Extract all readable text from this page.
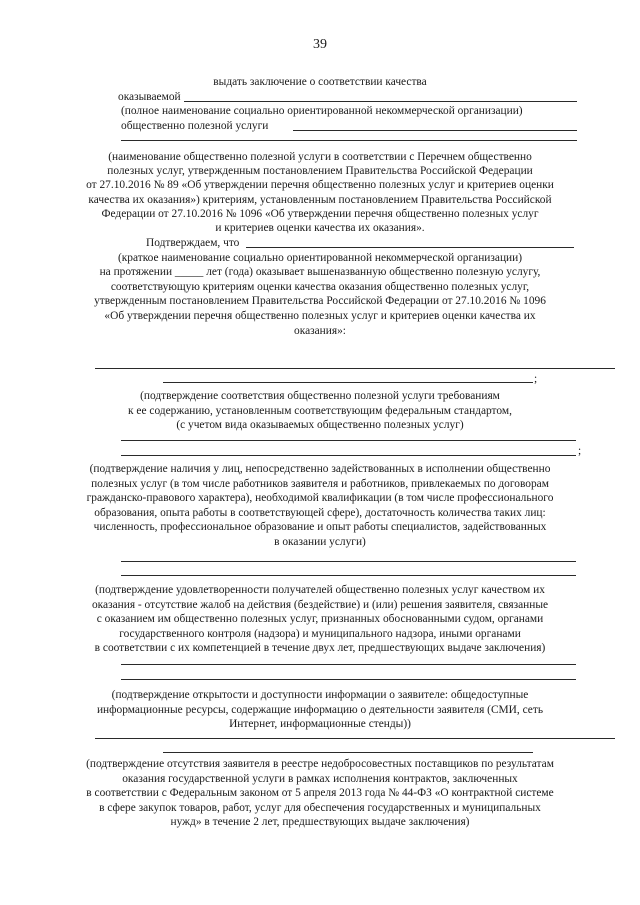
39
выдать заключение о соответствии качества
оказываемой
(полное наименование социально ориентированной некоммерческой организации)
общественно полезной услуги
(наименование общественно полезной услуги в соответствии с Перечнем общественно
полезных услуг, утвержденным постановлением Правительства Российской Федерации
от 27.10.2016 № 89 «Об утверждении перечня общественно полезных услуг и критериев оценки
качества их оказания») критериям, установленным постановлением Правительства Российской
Федерации от 27.10.2016 № 1096 «Об утверждении перечня общественно полезных услуг
и критериев оценки качества их оказания».
Подтверждаем, что
(краткое наименование социально ориентированной некоммерческой организации)
на протяжении _____ лет (года) оказывает вышеназванную общественно полезную услугу,
соответствующую критериям оценки качества оказания общественно полезных услуг,
утвержденным постановлением Правительства Российской Федерации от 27.10.2016 № 1096
«Об утверждении перечня общественно полезных услуг и критериев оценки качества их
оказания»:
;
(подтверждение соответствия общественно полезной услуги требованиям
к ее содержанию, установленным соответствующим федеральным стандартом,
(с учетом вида оказываемых общественно полезных услуг)
;
(подтверждение наличия у лиц, непосредственно задействованных в исполнении общественно
полезных услуг (в том числе работников заявителя и работников, привлекаемых по договорам
гражданско-правового характера), необходимой квалификации (в том числе профессионального
образования, опыта работы в соответствующей сфере), достаточность количества таких лиц:
численность, профессиональное образование и опыт работы специалистов, задействованных
в оказании услуги)
(подтверждение удовлетворенности получателей общественно полезных услуг качеством их
оказания - отсутствие жалоб на действия (бездействие) и (или) решения заявителя, связанные
с оказанием им общественно полезных услуг, признанных обоснованными судом, органами
государственного контроля (надзора) и муниципального надзора, иными органами
в соответствии с их компетенцией в течение двух лет, предшествующих выдаче заключения)
(подтверждение открытости и доступности информации о заявителе: общедоступные
информационные ресурсы, содержащие информацию о деятельности заявителя (СМИ, сеть
Интернет, информационные стенды))
(подтверждение отсутствия заявителя в реестре недобросовестных поставщиков по результатам
оказания государственной услуги в рамках исполнения контрактов, заключенных
в соответствии с Федеральным законом от 5 апреля 2013 года № 44-ФЗ «О контрактной системе
в сфере закупок товаров, работ, услуг для обеспечения государственных и муниципальных
нужд» в течение 2 лет, предшествующих выдаче заключения)
